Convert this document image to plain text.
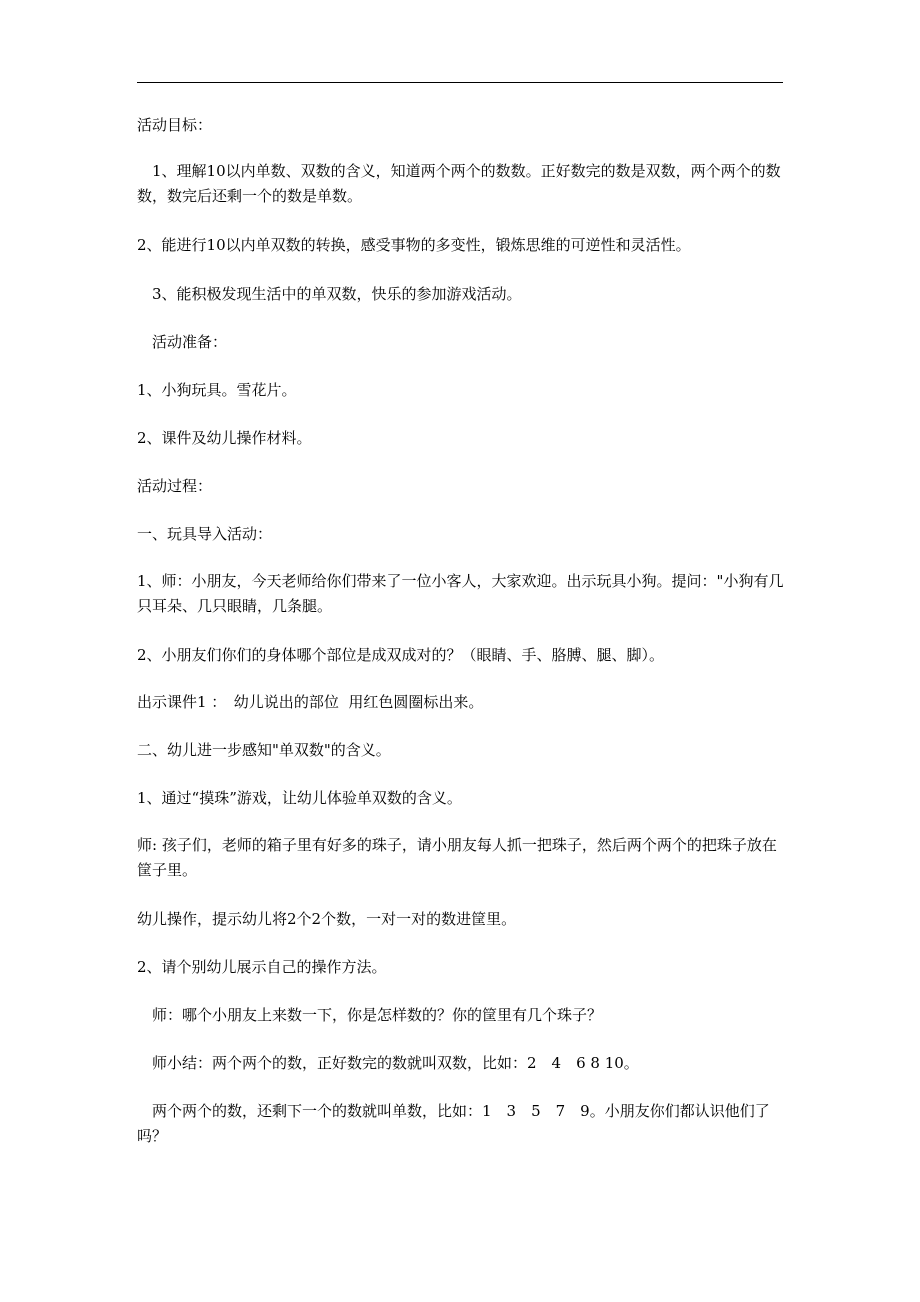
活动目标：

　1、理解10以内单数、双数的含义，知道两个两个的数数。正好数完的数是双数，两个两个的数数，数完后还剩一个的数是单数。

2、能进行10以内单双数的转换，感受事物的多变性，锻炼思维的可逆性和灵活性。

　3、能积极发现生活中的单双数，快乐的参加游戏活动。

　活动准备：

1、小狗玩具。雪花片。

2、课件及幼儿操作材料。

活动过程：

一、玩具导入活动：

1、师：小朋友，今天老师给你们带来了一位小客人，大家欢迎。出示玩具小狗。提问："小狗有几只耳朵、几只眼睛，几条腿。

2、小朋友们你们的身体哪个部位是成双成对的？（眼睛、手、胳膊、腿、脚）。

出示课件1 ：　幼儿说出的部位  用红色圆圈标出来。

二、幼儿进一步感知"单双数"的含义。

1、通过“摸珠”游戏，让幼儿体验单双数的含义。

师: 孩子们，老师的箱子里有好多的珠子，请小朋友每人抓一把珠子，然后两个两个的把珠子放在筐子里。

幼儿操作，提示幼儿将2个2个数，一对一对的数进筐里。

2、请个别幼儿展示自己的操作方法。

　师：哪个小朋友上来数一下，你是怎样数的？你的筐里有几个珠子？

　师小结：两个两个的数，正好数完的数就叫双数，比如：2　4　6 8 10。

　两个两个的数，还剩下一个的数就叫单数，比如：1　3　5　7　9。小朋友你们都认识他们了吗？
